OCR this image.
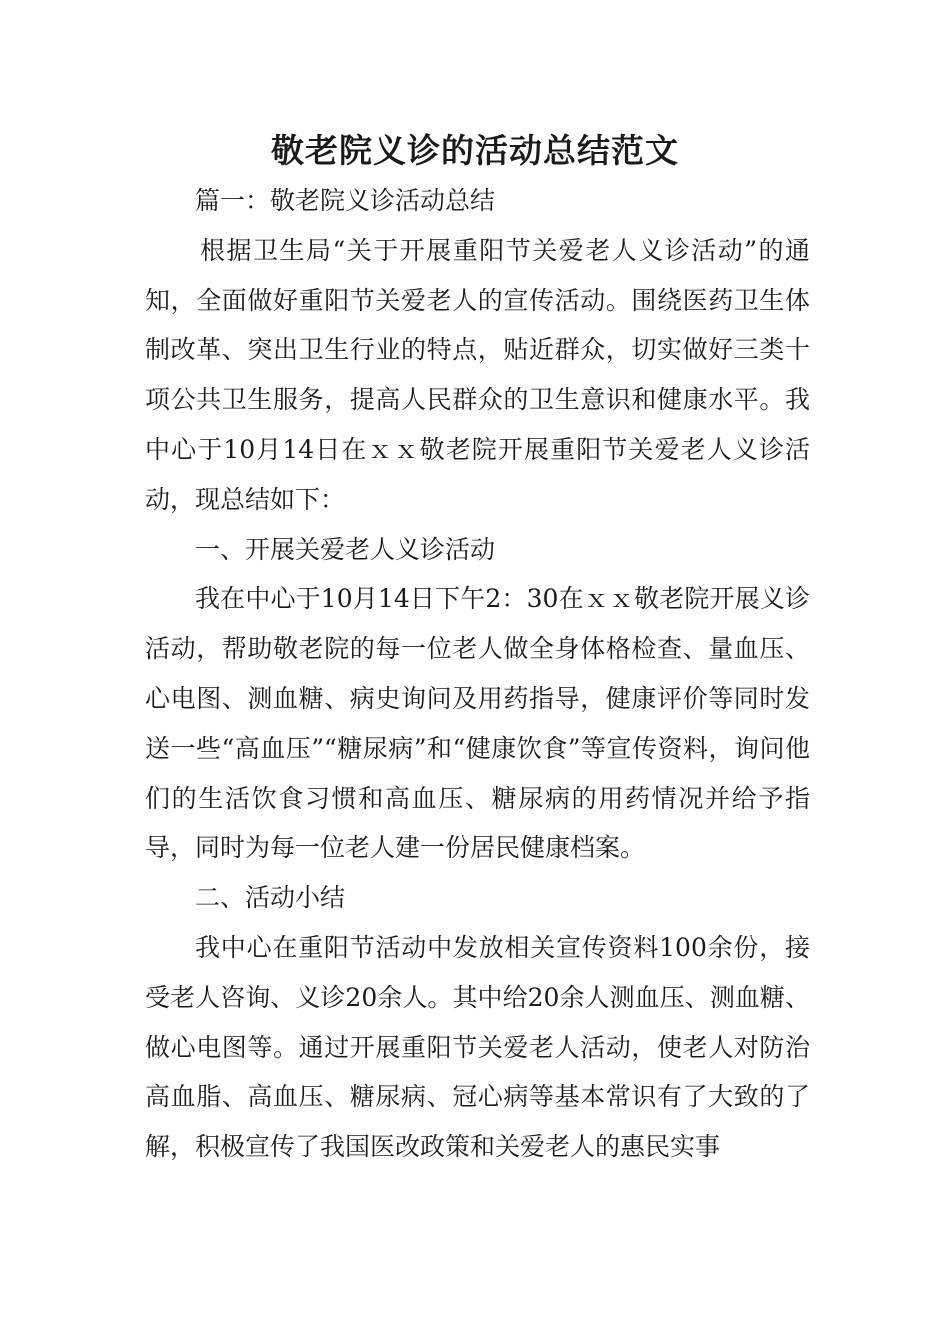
敬老院义诊的活动总结范文

篇一：敬老院义诊活动总结

根据卫生局“关于开展重阳节关爱老人义诊活动”的通知，全面做好重阳节关爱老人的宣传活动。围绕医药卫生体制改革、突出卫生行业的特点，贴近群众，切实做好三类十项公共卫生服务，提高人民群众的卫生意识和健康水平。我中心于10月14日在ｘｘ敬老院开展重阳节关爱老人义诊活动，现总结如下：

一、开展关爱老人义诊活动

我在中心于10月14日下午2：30在ｘｘ敬老院开展义诊活动，帮助敬老院的每一位老人做全身体格检查、量血压、心电图、测血糖、病史询问及用药指导，健康评价等同时发送一些“高血压”“糖尿病”和“健康饮食”等宣传资料，询问他们的生活饮食习惯和高血压、糖尿病的用药情况并给予指导，同时为每一位老人建一份居民健康档案。

二、活动小结

我中心在重阳节活动中发放相关宣传资料100余份，接受老人咨询、义诊20余人。其中给20余人测血压、测血糖、做心电图等。通过开展重阳节关爱老人活动，使老人对防治高血脂、高血压、糖尿病、冠心病等基本常识有了大致的了解，积极宣传了我国医改政策和关爱老人的惠民实事
